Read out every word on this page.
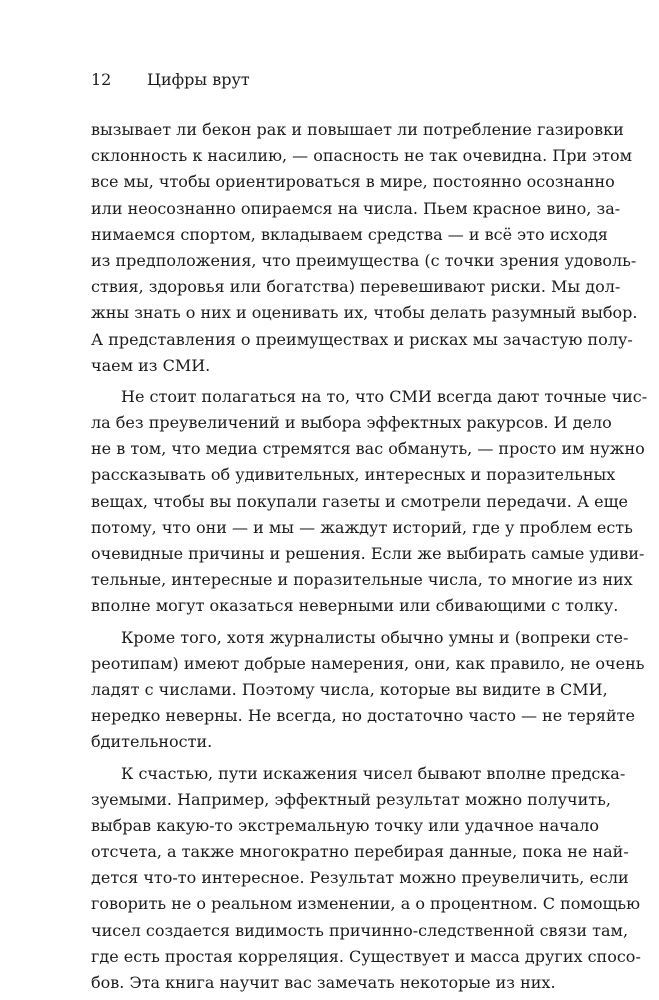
12 Цифры врут
вызывает ли бекон рак и повышает ли потребление газировки
склонность к насилию, — опасность не так очевидна. При этом
все мы, чтобы ориентироваться в мире, постоянно осознанно
или неосознанно опираемся на числа. Пьем красное вино, за-
нимаемся спортом, вкладываем средства — и всё это исходя
из предположения, что преимущества (с точки зрения удоволь-
ствия, здоровья или богатства) перевешивают риски. Мы дол-
жны знать о них и оценивать их, чтобы делать разумный выбор.
А представления о преимуществах и рисках мы зачастую полу-
чаем из СМИ.
Не стоит полагаться на то, что СМИ всегда дают точные чис-
ла без преувеличений и выбора эффектных ракурсов. И дело
не в том, что медиа стремятся вас обмануть, — просто им нужно
рассказывать об удивительных, интересных и поразительных
вещах, чтобы вы покупали газеты и смотрели передачи. А еще
потому, что они — и мы — жаждут историй, где у проблем есть
очевидные причины и решения. Если же выбирать самые удиви-
тельные, интересные и поразительные числа, то многие из них
вполне могут оказаться неверными или сбивающими с толку.
Кроме того, хотя журналисты обычно умны и (вопреки сте-
реотипам) имеют добрые намерения, они, как правило, не очень
ладят с числами. Поэтому числа, которые вы видите в СМИ,
нередко неверны. Не всегда, но достаточно часто — не теряйте
бдительности.
К счастью, пути искажения чисел бывают вполне предска-
зуемыми. Например, эффектный результат можно получить,
выбрав какую-то экстремальную точку или удачное начало
отсчета, а также многократно перебирая данные, пока не най-
дется что-то интересное. Результат можно преувеличить, если
говорить не о реальном изменении, а о процентном. С помощью
чисел создается видимость причинно-следственной связи там,
где есть простая корреляция. Существует и масса других спосо-
бов. Эта книга научит вас замечать некоторые из них.
